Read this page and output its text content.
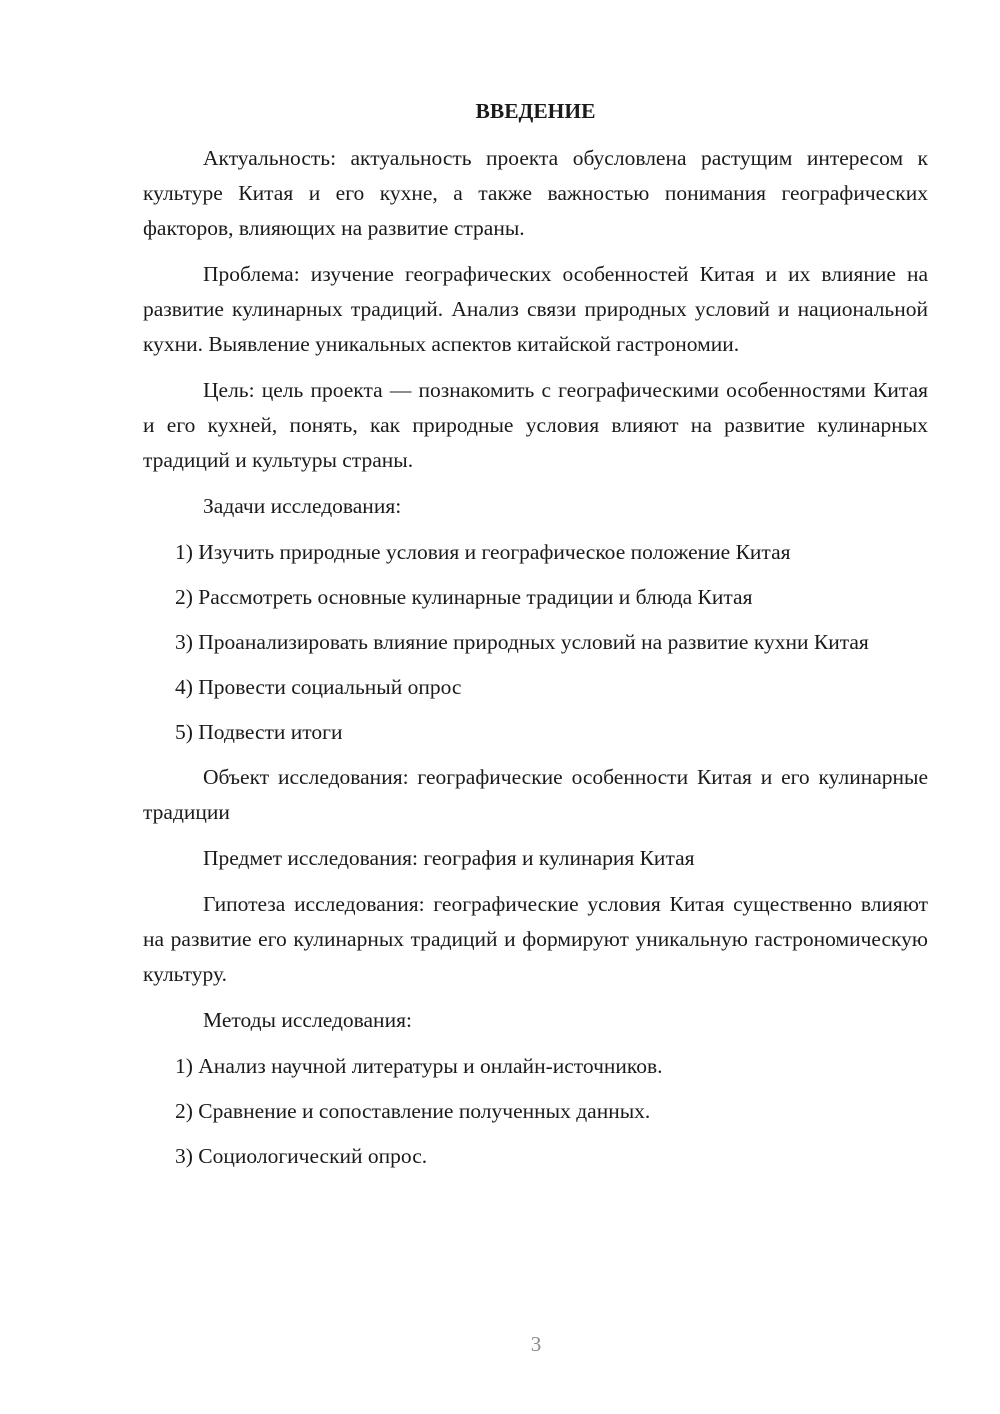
ВВЕДЕНИЕ

Актуальность: актуальность проекта обусловлена растущим интересом к культуре Китая и его кухне, а также важностью понимания географических факторов, влияющих на развитие страны.

Проблема: изучение географических особенностей Китая и их влияние на развитие кулинарных традиций. Анализ связи природных условий и национальной кухни. Выявление уникальных аспектов китайской гастрономии.

Цель: цель проекта — познакомить с географическими особенностями Китая и его кухней, понять, как природные условия влияют на развитие кулинарных традиций и культуры страны.

Задачи исследования:

1) Изучить природные условия и географическое положение Китая

2) Рассмотреть основные кулинарные традиции и блюда Китая

3) Проанализировать влияние природных условий на развитие кухни Китая

4) Провести социальный опрос

5) Подвести итоги

Объект исследования: географические особенности Китая и его кулинарные традиции

Предмет исследования: география и кулинария Китая

Гипотеза исследования: географические условия Китая существенно влияют на развитие его кулинарных традиций и формируют уникальную гастрономическую культуру.

Методы исследования:

1) Анализ научной литературы и онлайн-источников.

2) Сравнение и сопоставление полученных данных.

3) Социологический опрос.

3
